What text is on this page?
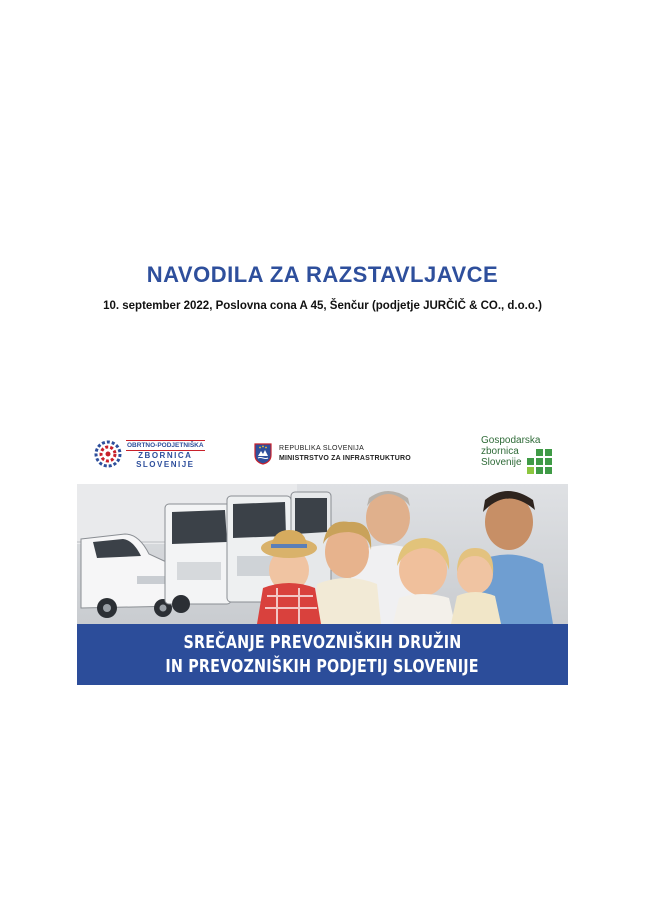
NAVODILA ZA RAZSTAVLJAVCE
10. september 2022, Poslovna cona A 45, Šenčur (podjetje JURČIČ & CO., d.o.o.)
OBRTNO-PODJETNIŠKA
ZBORNICA
SLOVENIJE
REPUBLIKA SLOVENIJA
MINISTRSTVO ZA INFRASTRUKTURO
Gospodarska
zbornica
Slovenije
SREČANJE PREVOZNIŠKIH DRUŽIN
IN PREVOZNIŠKIH PODJETIJ SLOVENIJE
